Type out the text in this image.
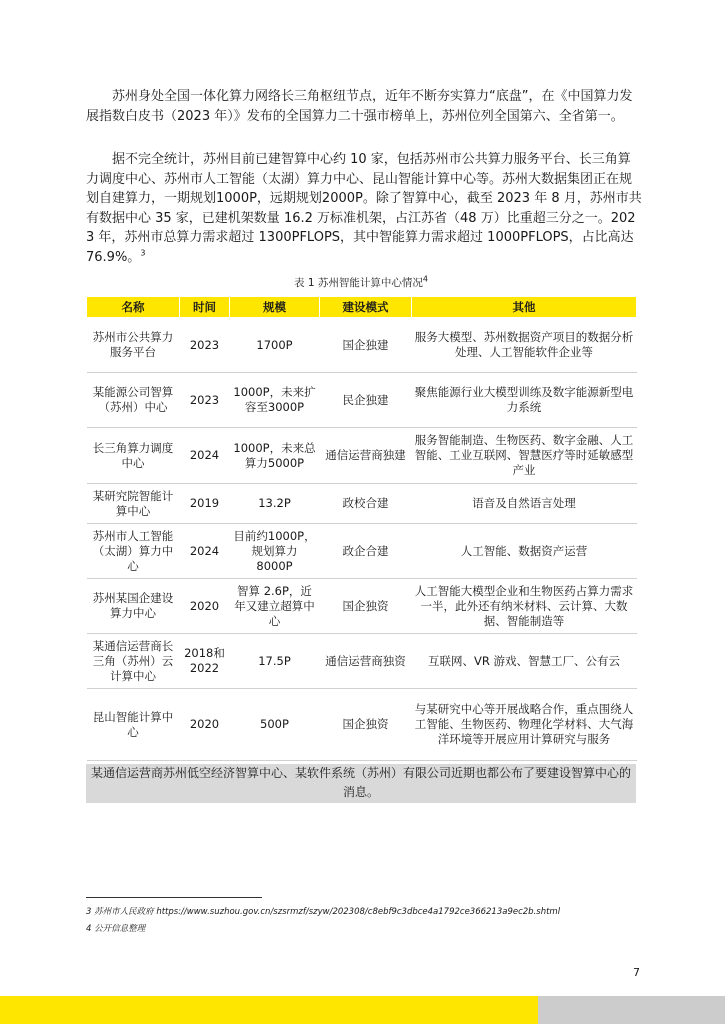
苏州身处全国一体化算力网络长三角枢纽节点，近年不断夯实算力“底盘”，在《中国算力发展指数白皮书（2023 年）》发布的全国算力二十强市榜单上，苏州位列全国第六、全省第一。

据不完全统计，苏州目前已建智算中心约 10 家，包括苏州市公共算力服务平台、长三角算力调度中心、苏州市人工智能（太湖）算力中心、昆山智能计算中心等。苏州大数据集团正在规划自建算力，一期规划1000P，远期规划2000P。除了智算中心，截至 2023 年 8 月，苏州市共有数据中心 35 家，已建机架数量 16.2 万标准机架，占江苏省（48 万）比重超三分之一。2023 年，苏州市总算力需求超过 1300PFLOPS，其中智能算力需求超过 1000PFLOPS，占比高达 76.9%。$^3$

表 1 苏州智能计算中心情况$^4$
名称	时间	规模	建设模式	其他
苏州市公共算力服务平台	2023	1700P	国企独建	服务大模型、苏州数据资产项目的数据分析处理、人工智能软件企业等
某能源公司智算（苏州）中心	2023	1000P，未来扩容至3000P	民企独建	聚焦能源行业大模型训练及数字能源新型电力系统
长三角算力调度中心	2024	1000P，未来总算力5000P	通信运营商独建	服务智能制造、生物医药、数字金融、人工智能、工业互联网、智慧医疗等时延敏感型产业
某研究院智能计算中心	2019	13.2P	政校合建	语音及自然语言处理
苏州市人工智能（太湖）算力中心	2024	目前约1000P，规划算力 8000P	政企合建	人工智能、数据资产运营
苏州某国企建设算力中心	2020	智算 2.6P，近年又建立超算中心	国企独资	人工智能大模型企业和生物医药占算力需求一半，此外还有纳米材料、云计算、大数据、智能制造等
某通信运营商长三角（苏州）云计算中心	2018和2022	17.5P	通信运营商独资	互联网、VR 游戏、智慧工厂、公有云
昆山智能计算中心	2020	500P	国企独资	与某研究中心等开展战略合作，重点围绕人工智能、生物医药、物理化学材料、大气海洋环境等开展应用计算研究与服务
某通信运营商苏州低空经济智算中心、某软件系统（苏州）有限公司近期也都公布了要建设智算中心的消息。
3 苏州市人民政府 https://www.suzhou.gov.cn/szsrmzf/szyw/202308/c8ebf9c3dbce4a1792ce366213a9ec2b.shtml
4 公开信息整理
7
